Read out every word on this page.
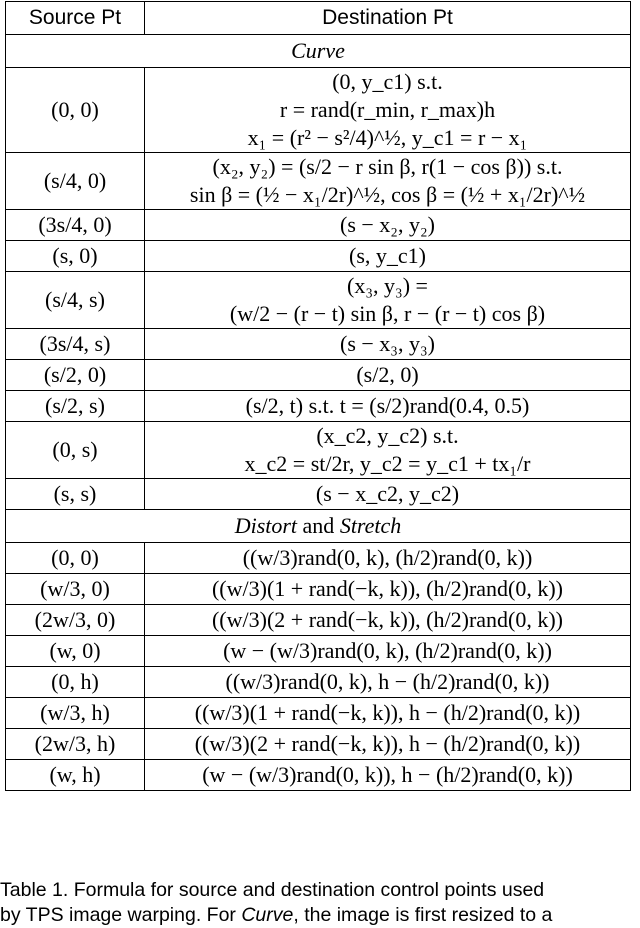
Source Pt	Destination Pt
Curve	
(0, 0)	(0, y_c1) s.t.
r = rand(r_min, r_max)h
x₁ = (r² − s²/4)^½, y_c1 = r − x₁

(s/4, 0)	(x₂, y₂) = (s/2 − r sin β, r(1 − cos β)) s.t.
sin β = (½ − x₁/2r)^½, cos β = (½ + x₁/2r)^½

(3s/4, 0)	(s − x₂, y₂)

(s, 0)	(s, y_c1)

(s/4, s)	(x₃, y₃) =
(w/2 − (r − t) sin β, r − (r − t) cos β)

(3s/4, s)	(s − x₃, y₃)

(s/2, 0)	(s/2, 0)

(s/2, s)	(s/2, t) s.t. t = (s/2)rand(0.4, 0.5)

(0, s)	(x_c2, y_c2) s.t.
x_c2 = st/2r, y_c2 = y_c1 + tx₁/r

(s, s)	(s − x_c2, y_c2)

Distort and Stretch	
(0, 0)	((w/3)rand(0, k), (h/2)rand(0, k))
(w/3, 0)	((w/3)(1 + rand(−k, k)), (h/2)rand(0, k))
(2w/3, 0)	((w/3)(2 + rand(−k, k)), (h/2)rand(0, k))
(w, 0)	(w − (w/3)rand(0, k), (h/2)rand(0, k))
(0, h)	((w/3)rand(0, k), h − (h/2)rand(0, k))
(w/3, h)	((w/3)(1 + rand(−k, k)), h − (h/2)rand(0, k))
(2w/3, h)	((w/3)(2 + rand(−k, k)), h − (h/2)rand(0, k))
(w, h)	(w − (w/3)rand(0, k)), h − (h/2)rand(0, k))
Table 1. Formula for source and destination control points used
by TPS image warping. For Curve, the image is first resized to a
